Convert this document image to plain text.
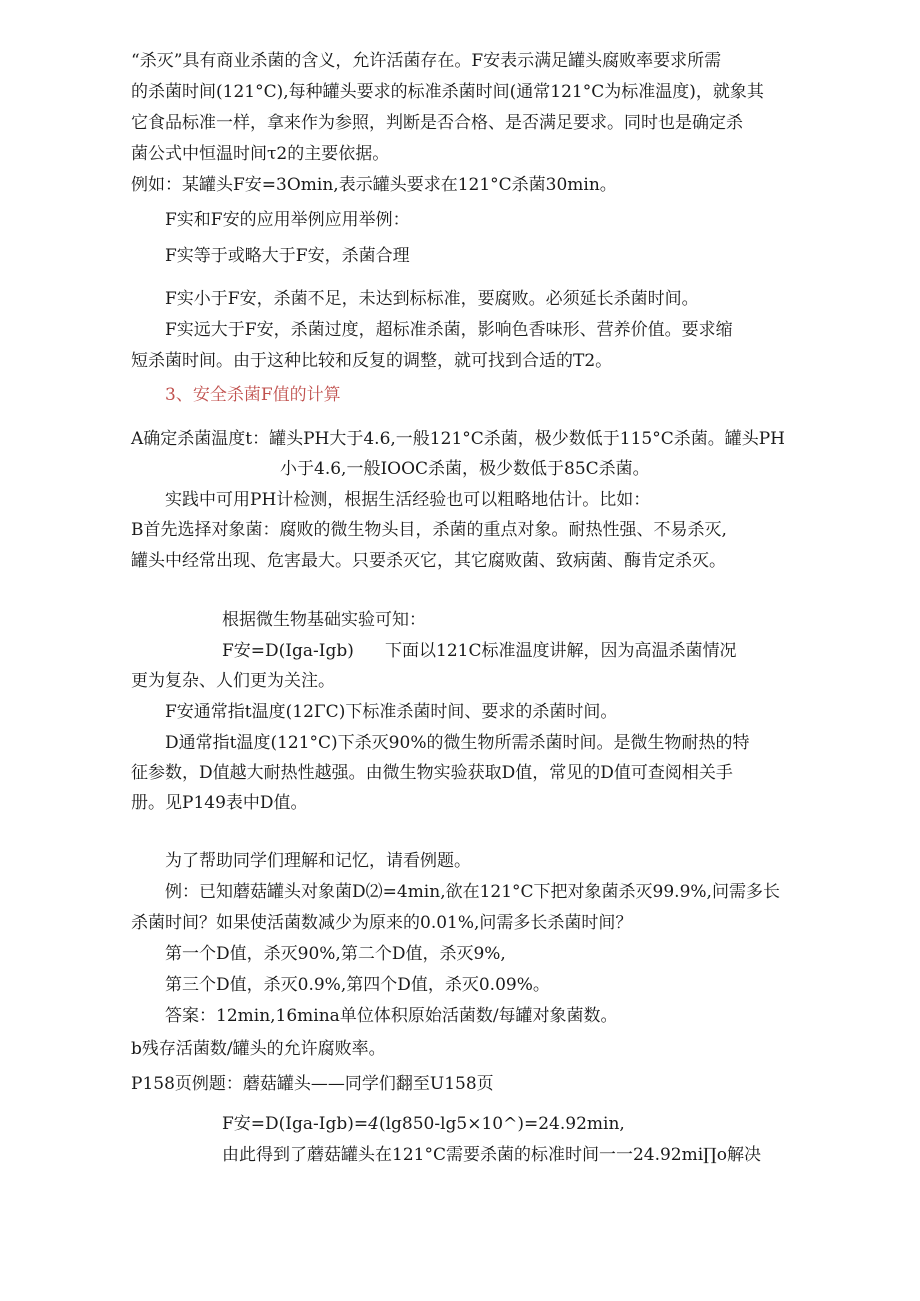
“杀灭”具有商业杀菌的含义，允许活菌存在。F安表示满足罐头腐败率要求所需

的杀菌时间(121°C),每种罐头要求的标准杀菌时间(通常121°C为标准温度)，就象其

它食品标准一样，拿来作为参照，判断是否合格、是否满足要求。同时也是确定杀

菌公式中恒温时间τ2的主要依据。

例如：某罐头F安=3Omin,表示罐头要求在121°C杀菌30min。

F实和F安的应用举例应用举例：

F实等于或略大于F安，杀菌合理

F实小于F安，杀菌不足，未达到标标准，要腐败。必须延长杀菌时间。

F实远大于F安，杀菌过度，超标准杀菌，影响色香味形、营养价值。要求缩

短杀菌时间。由于这种比较和反复的调整，就可找到合适的T2。

3、安全杀菌F值的计算

A确定杀菌温度t：罐头PH大于4.6,一般121°C杀菌，极少数低于115°C杀菌。罐头PH

小于4.6,一般IOOC杀菌，极少数低于85C杀菌。

实践中可用PH计检测，根据生活经验也可以粗略地估计。比如：

B首先选择对象菌：腐败的微生物头目，杀菌的重点对象。耐热性强、不易杀灭,

罐头中经常出现、危害最大。只要杀灭它，其它腐败菌、致病菌、酶肯定杀灭。

根据微生物基础实验可知：

F安=D(Iga-Igb) 下面以121C标准温度讲解，因为高温杀菌情况

更为复杂、人们更为关注。

F安通常指t温度(12ΓC)下标准杀菌时间、要求的杀菌时间。

D通常指t温度(121°C)下杀灭90%的微生物所需杀菌时间。是微生物耐热的特

征参数，D值越大耐热性越强。由微生物实验获取D值，常见的D值可查阅相关手

册。见P149表中D值。

为了帮助同学们理解和记忆，请看例题。

例：已知蘑菇罐头对象菌D⑵=4min,欲在121°C下把对象菌杀灭99.9%,问需多长

杀菌时间？如果使活菌数减少为原来的0.01%,问需多长杀菌时间？

第一个D值，杀灭90%,第二个D值，杀灭9%,

第三个D值，杀灭0.9%,第四个D值，杀灭0.09%。

答案：12min,16mina单位体积原始活菌数/每罐对象菌数。

b残存活菌数/罐头的允许腐败率。

P158页例题：蘑菇罐头——同学们翻至U158页

F安=D(Iga-Igb)=4(lg850-lg5×10^)=24.92min,

由此得到了蘑菇罐头在121°C需要杀菌的标准时间一一24.92mi∏o解决
